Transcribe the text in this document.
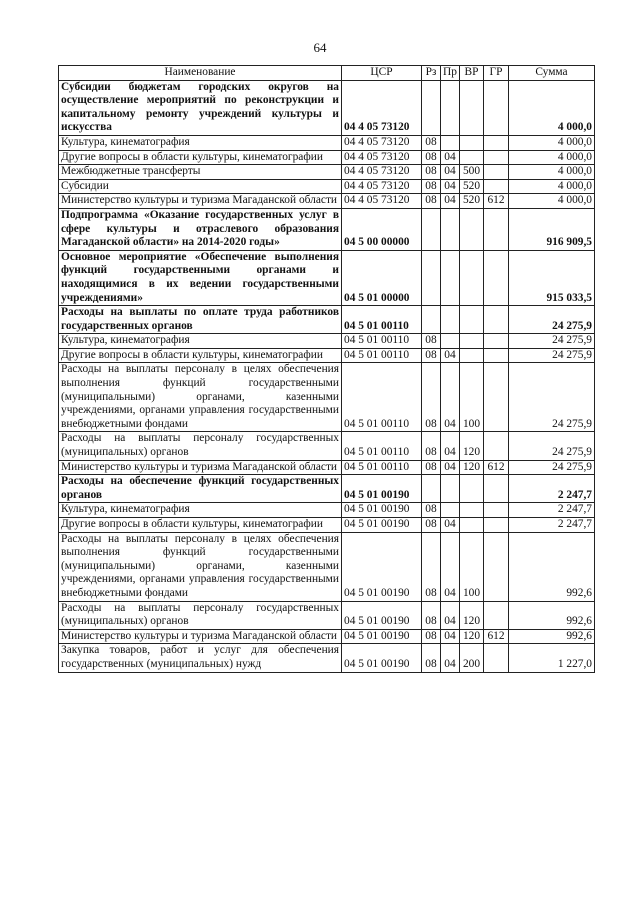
64
Наименование	ЦСР	Рз	Пр	ВР	ГР	Сумма
Субсидии бюджетам городских округов на осуществление мероприятий по реконструкции и капитальному ремонту учреждений культуры и искусства	04 4 05 73120					4 000,0
Культура, кинематография	04 4 05 73120	08				4 000,0
Другие вопросы в области культуры, кинематографии	04 4 05 73120	08	04			4 000,0
Межбюджетные трансферты	04 4 05 73120	08	04	500		4 000,0
Субсидии	04 4 05 73120	08	04	520		4 000,0
Министерство культуры и туризма Магаданской области	04 4 05 73120	08	04	520	612	4 000,0
Подпрограмма «Оказание государственных услуг в сфере культуры и отраслевого образования Магаданской области» на 2014-2020 годы»	04 5 00 00000					916 909,5
Основное мероприятие «Обеспечение выполнения функций государственными органами и находящимися в их ведении государственными учреждениями»	04 5 01 00000					915 033,5
Расходы на выплаты по оплате труда работников государственных органов	04 5 01 00110					24 275,9
Культура, кинематография	04 5 01 00110	08				24 275,9
Другие вопросы в области культуры, кинематографии	04 5 01 00110	08	04			24 275,9
Расходы на выплаты персоналу в целях обеспечения выполнения функций государственными (муниципальными) органами, казенными учреждениями, органами управления государственными внебюджетными фондами	04 5 01 00110	08	04	100		24 275,9
Расходы на выплаты персоналу государственных (муниципальных) органов	04 5 01 00110	08	04	120		24 275,9
Министерство культуры и туризма Магаданской области	04 5 01 00110	08	04	120	612	24 275,9
Расходы на обеспечение функций государственных органов	04 5 01 00190					2 247,7
Культура, кинематография	04 5 01 00190	08				2 247,7
Другие вопросы в области культуры, кинематографии	04 5 01 00190	08	04			2 247,7
Расходы на выплаты персоналу в целях обеспечения выполнения функций государственными (муниципальными) органами, казенными учреждениями, органами управления государственными внебюджетными фондами	04 5 01 00190	08	04	100		992,6
Расходы на выплаты персоналу государственных (муниципальных) органов	04 5 01 00190	08	04	120		992,6
Министерство культуры и туризма Магаданской области	04 5 01 00190	08	04	120	612	992,6
Закупка товаров, работ и услуг для обеспечения государственных (муниципальных) нужд	04 5 01 00190	08	04	200		1 227,0
